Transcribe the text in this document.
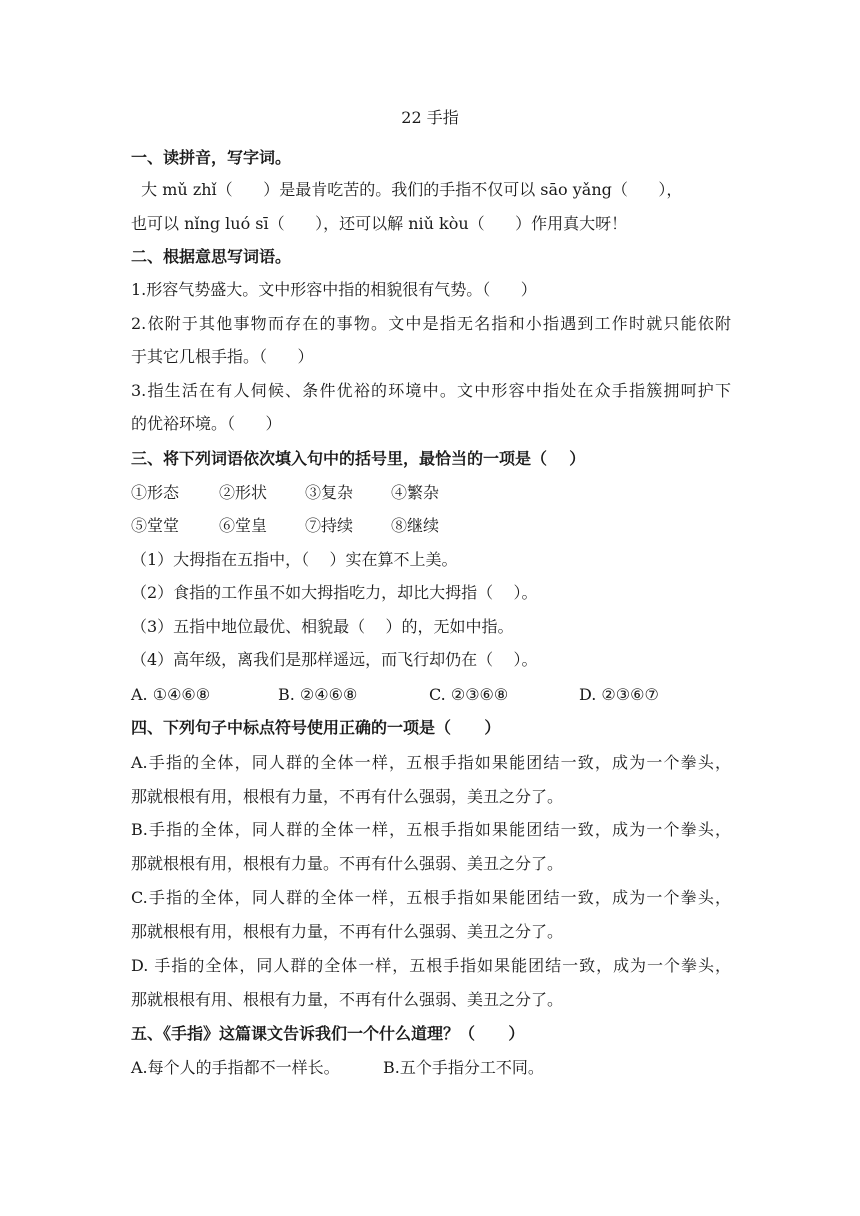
22 手指
一、读拼音，写字词。
大 mǔ zhǐ（      ）是最肯吃苦的。我们的手指不仅可以 sāo yǎng（      ），
也可以 nǐng luó sī（      ），还可以解 niǔ kòu（      ）作用真大呀！
二、根据意思写词语。
1.形容气势盛大。文中形容中指的相貌很有气势。（      ）
2.依附于其他事物而存在的事物。文中是指无名指和小指遇到工作时就只能依附
于其它几根手指。（      ）
3.指生活在有人伺候、条件优裕的环境中。文中形容中指处在众手指簇拥呵护下
的优裕环境。（      ）
三、将下列词语依次填入句中的括号里，最恰当的一项是（    ）
①形态 ②形状 ③复杂 ④繁杂
⑤堂堂 ⑥堂皇 ⑦持续 ⑧继续
（1）大拇指在五指中，（    ）实在算不上美。
（2）食指的工作虽不如大拇指吃力，却比大拇指（    ）。
（3）五指中地位最优、相貌最（    ）的，无如中指。
（4）高年级，离我们是那样遥远，而飞行却仍在（    ）。
A. ①④⑥⑧	B. ②④⑥⑧	C. ②③⑥⑧	D. ②③⑥⑦
四、下列句子中标点符号使用正确的一项是（      ）
A.手指的全体，同人群的全体一样，五根手指如果能团结一致，成为一个拳头，
那就根根有用，根根有力量，不再有什么强弱，美丑之分了。
B.手指的全体，同人群的全体一样，五根手指如果能团结一致，成为一个拳头，
那就根根有用，根根有力量。不再有什么强弱、美丑之分了。
C.手指的全体，同人群的全体一样，五根手指如果能团结一致，成为一个拳头，
那就根根有用，根根有力量，不再有什么强弱、美丑之分了。
D. 手指的全体，同人群的全体一样，五根手指如果能团结一致，成为一个拳头，
那就根根有用、根根有力量，不再有什么强弱、美丑之分了。
五、《手指》这篇课文告诉我们一个什么道理？（      ）
A.每个人的手指都不一样长。	B.五个手指分工不同。
